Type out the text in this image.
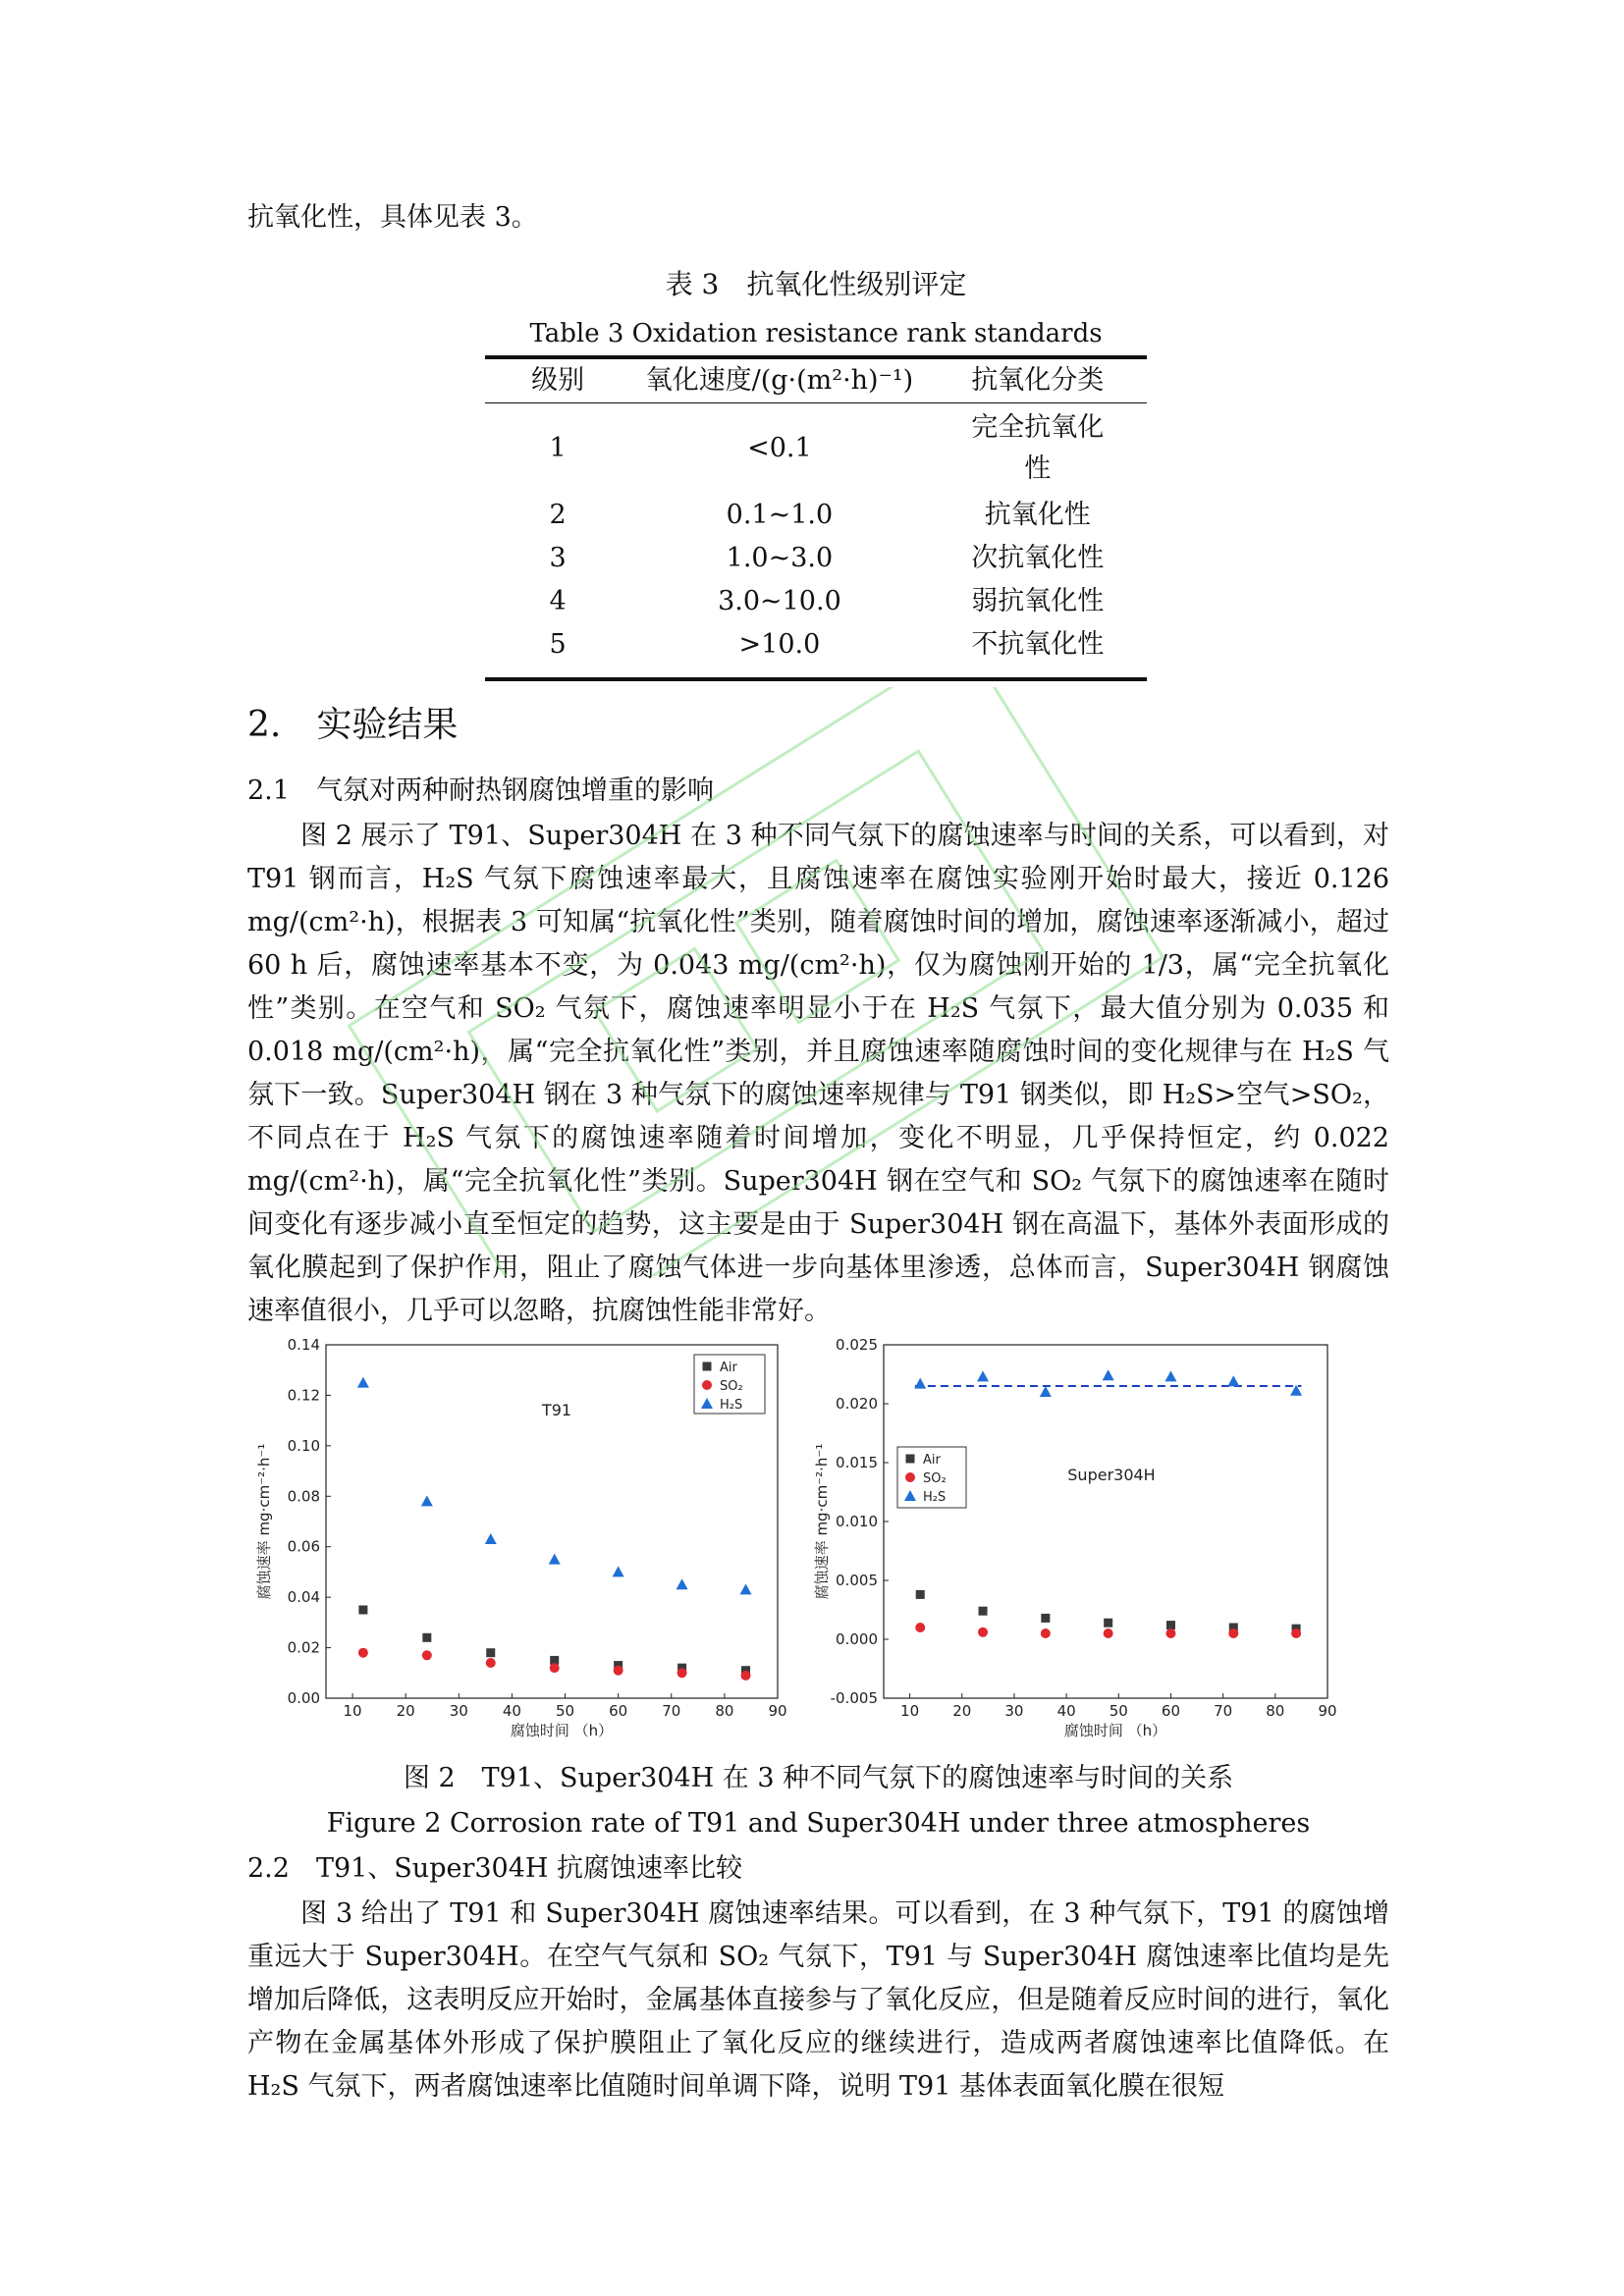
抗氧化性，具体见表 3。
表 3　抗氧化性级别评定
Table 3 Oxidation resistance rank standards
级别	氧化速度/(g·(m²·h)⁻¹)	抗氧化分类
1	<0.1	完全抗氧化性
2	0.1~1.0	抗氧化性
3	1.0~3.0	次抗氧化性
4	3.0~10.0	弱抗氧化性
5	>10.0	不抗氧化性
2.　实验结果
2.1　气氛对两种耐热钢腐蚀增重的影响

图 2 展示了 T91、Super304H 在 3 种不同气氛下的腐蚀速率与时间的关系，可以看到，对 T91 钢而言，H₂S 气氛下腐蚀速率最大，且腐蚀速率在腐蚀实验刚开始时最大，接近 0.126 mg/(cm²·h)，根据表 3 可知属“抗氧化性”类别，随着腐蚀时间的增加，腐蚀速率逐渐减小，超过 60 h 后，腐蚀速率基本不变，为 0.043 mg/(cm²·h)，仅为腐蚀刚开始的 1/3，属“完全抗氧化性”类别。在空气和 SO₂ 气氛下，腐蚀速率明显小于在 H₂S 气氛下，最大值分别为 0.035 和 0.018 mg/(cm²·h)，属“完全抗氧化性”类别，并且腐蚀速率随腐蚀时间的变化规律与在 H₂S 气氛下一致。Super304H 钢在 3 种气氛下的腐蚀速率规律与 T91 钢类似，即 H₂S>空气>SO₂，不同点在于 H₂S 气氛下的腐蚀速率随着时间增加，变化不明显，几乎保持恒定，约 0.022 mg/(cm²·h)，属“完全抗氧化性”类别。Super304H 钢在空气和 SO₂ 气氛下的腐蚀速率在随时间变化有逐步减小直至恒定的趋势，这主要是由于 Super304H 钢在高温下，基体外表面形成的氧化膜起到了保护作用，阻止了腐蚀气体进一步向基体里渗透，总体而言，Super304H 钢腐蚀速率值很小，几乎可以忽略，抗腐蚀性能非常好。

10 20 30 40 50 60 70 80 90
0.00
0.02
0.04
0.06
0.08
0.10
0.12
0.14
腐蚀时间 （h）
腐蚀速率 mg·cm⁻²·h⁻¹
T91
Air
SO₂
H₂S
10 20 30 40 50 60 70 80 90
-0.005
0.000
0.005
0.010
0.015
0.020
0.025
腐蚀时间 （h）
腐蚀速率 mg·cm⁻²·h⁻¹	Super304H
Air
SO₂
H₂S
图 2　T91、Super304H 在 3 种不同气氛下的腐蚀速率与时间的关系
Figure 2 Corrosion rate of T91 and Super304H under three atmospheres
2.2　T91、Super304H 抗腐蚀速率比较

图 3 给出了 T91 和 Super304H 腐蚀速率结果。可以看到，在 3 种气氛下，T91 的腐蚀增重远大于 Super304H。在空气气氛和 SO₂ 气氛下，T91 与 Super304H 腐蚀速率比值均是先增加后降低，这表明反应开始时，金属基体直接参与了氧化反应，但是随着反应时间的进行，氧化产物在金属基体外形成了保护膜阻止了氧化反应的继续进行，造成两者腐蚀速率比值降低。在 H₂S 气氛下，两者腐蚀速率比值随时间单调下降，说明 T91 基体表面氧化膜在很短
